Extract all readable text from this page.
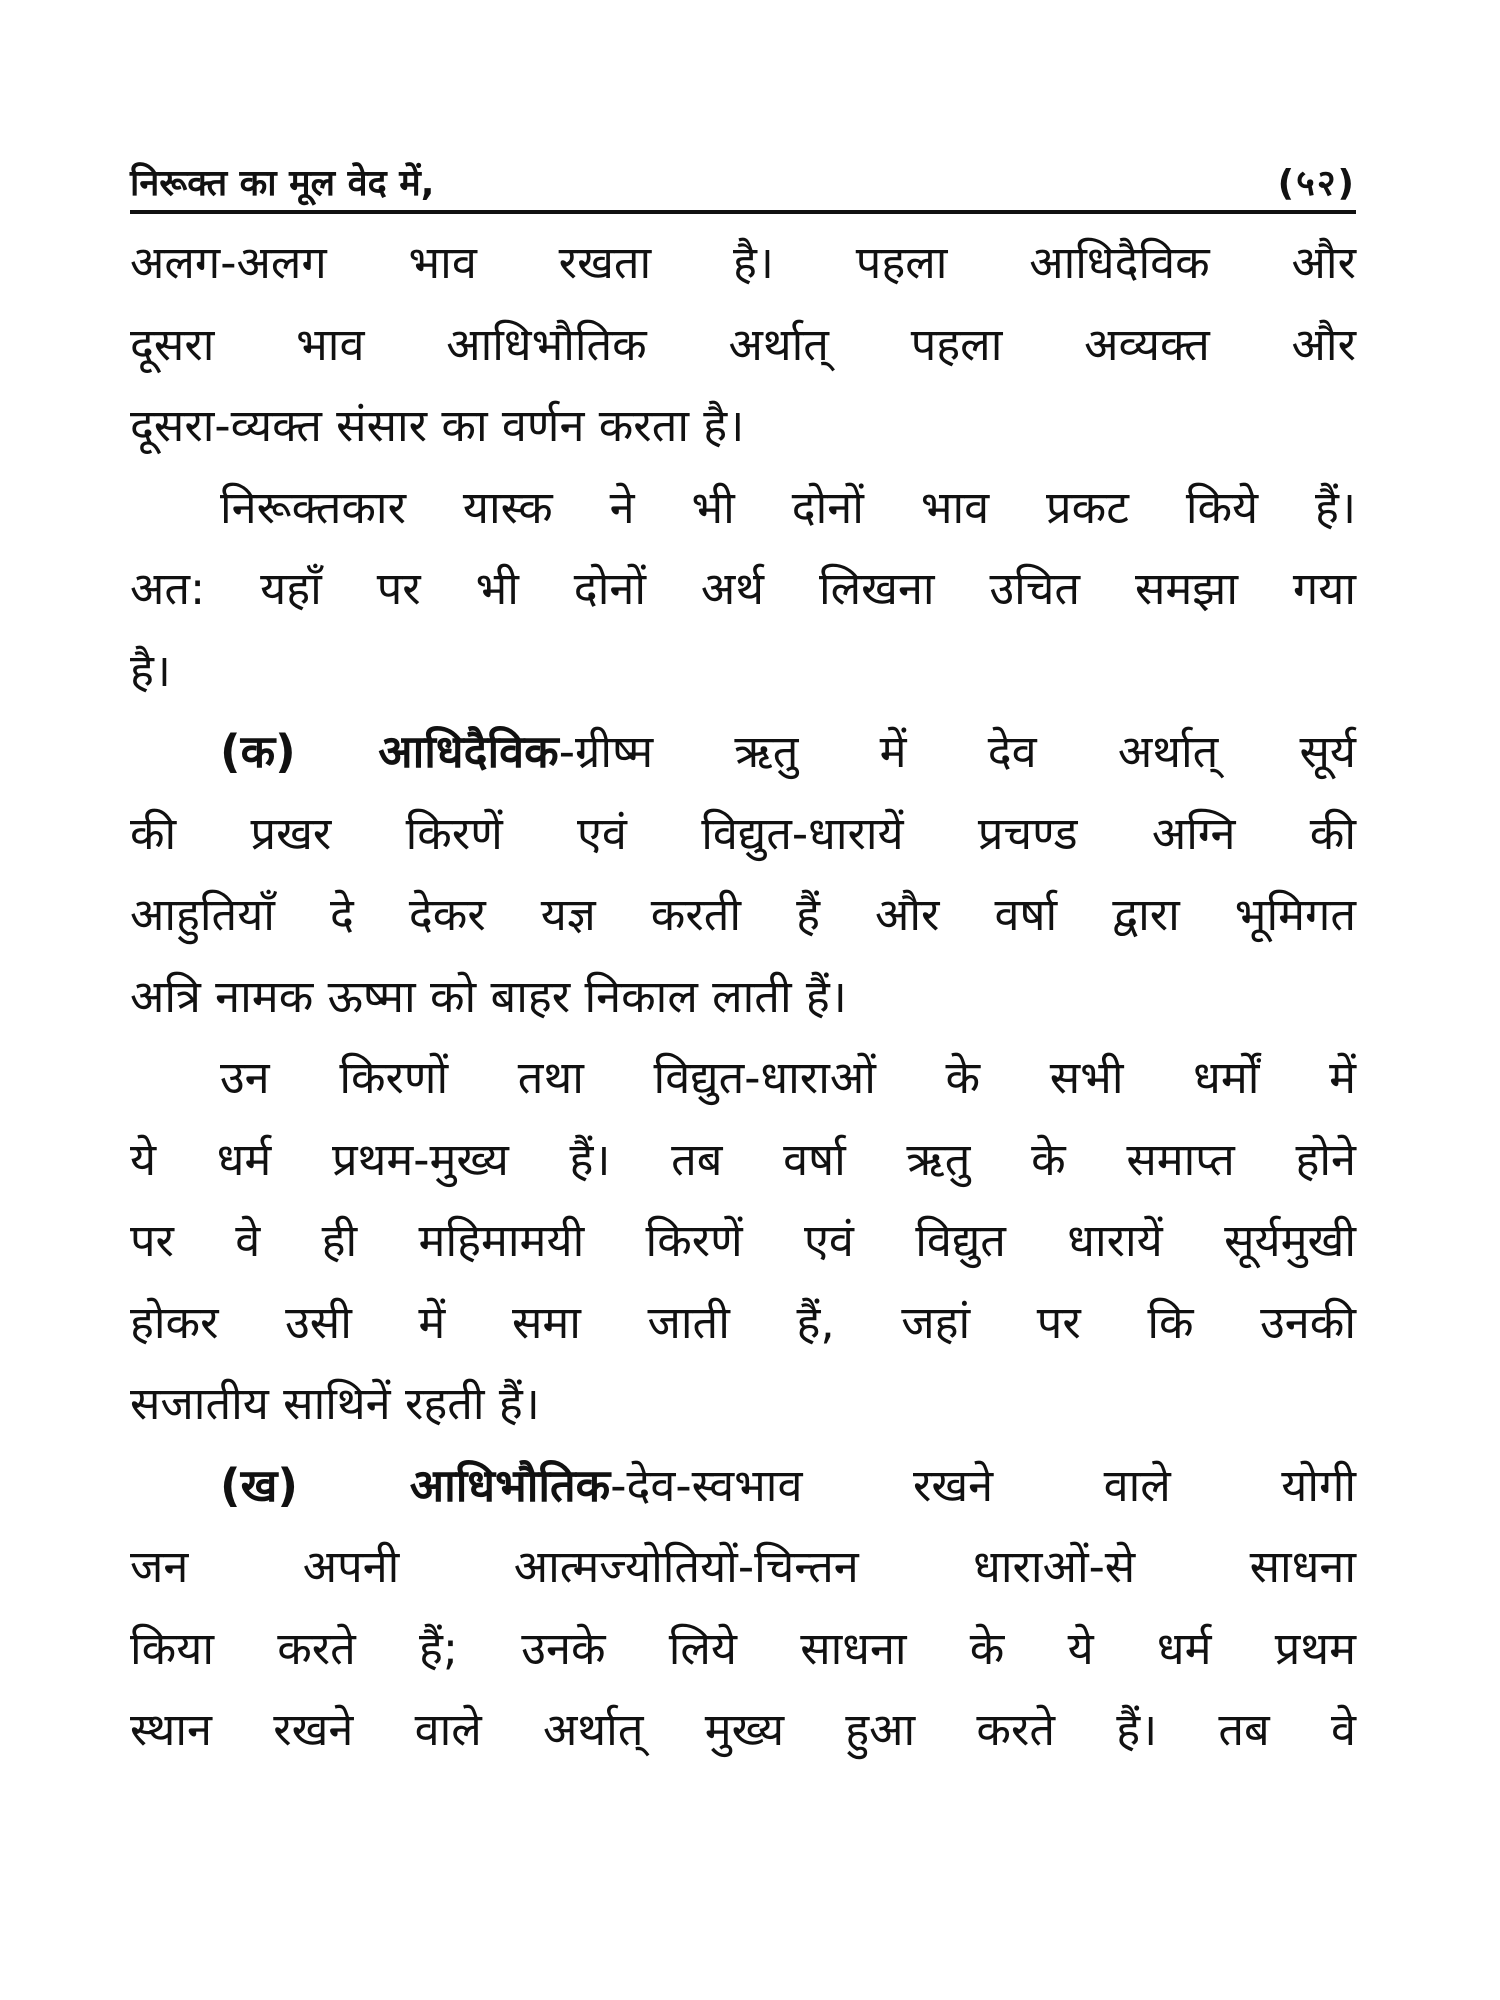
निरूक्त का मूल वेद में,	(५२)
अलग-अलग भाव रखता है। पहला आधिदैविक और
दूसरा भाव आधिभौतिक अर्थात् पहला अव्यक्त और
दूसरा-व्यक्त संसार का वर्णन करता है।
निरूक्तकार यास्क ने भी दोनों भाव प्रकट किये हैं।
अत: यहाँ पर भी दोनों अर्थ लिखना उचित समझा गया
है।
(क) आधिदैविक-ग्रीष्म ऋतु में देव अर्थात् सूर्य
की प्रखर किरणें एवं विद्युत-धारायें प्रचण्ड अग्नि की
आहुतियाँ दे देकर यज्ञ करती हैं और वर्षा द्वारा भूमिगत
अत्रि नामक ऊष्मा को बाहर निकाल लाती हैं।
उन किरणों तथा विद्युत-धाराओं के सभी धर्मों में
ये धर्म प्रथम-मुख्य हैं। तब वर्षा ऋतु के समाप्त होने
पर वे ही महिमामयी किरणें एवं विद्युत धारायें सूर्यमुखी
होकर उसी में समा जाती हैं, जहां पर कि उनकी
सजातीय साथिनें रहती हैं।
(ख) आधिभौतिक-देव-स्वभाव रखने वाले योगी
जन अपनी आत्मज्योतियों-चिन्तन धाराओं-से साधना
किया करते हैं; उनके लिये साधना के ये धर्म प्रथम
स्थान रखने वाले अर्थात् मुख्य हुआ करते हैं। तब वे
